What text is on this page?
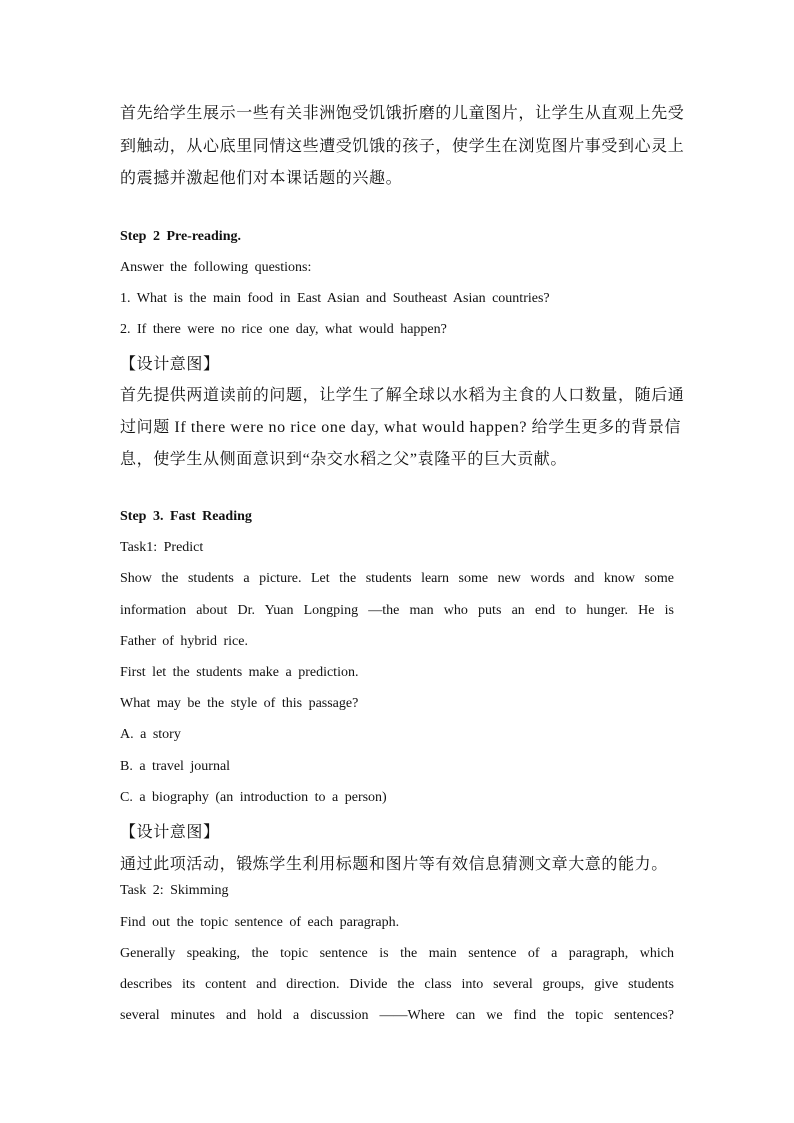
首先给学生展示一些有关非洲饱受饥饿折磨的儿童图片，让学生从直观上先受
到触动，从心底里同情这些遭受饥饿的孩子，使学生在浏览图片事受到心灵上
的震撼并激起他们对本课话题的兴趣。
Step 2 Pre-reading.
Answer the following questions:
1. What is the main food in East Asian and Southeast Asian countries?
2. If there were no rice one day, what would happen?
【设计意图】
首先提供两道读前的问题，让学生了解全球以水稻为主食的人口数量，随后通
过问题 If there were no rice one day, what would happen? 给学生更多的背景信
息，使学生从侧面意识到“杂交水稻之父”袁隆平的巨大贡献。
Step 3. Fast Reading
Task1: Predict
Show the students a picture. Let the students learn some new words and know some
information about Dr. Yuan Longping —the man who puts an end to hunger. He is
Father of hybrid rice.
First let the students make a prediction.
What may be the style of this passage?
A. a story
B. a travel journal
C. a biography (an introduction to a person)
【设计意图】
通过此项活动，锻炼学生利用标题和图片等有效信息猜测文章大意的能力。
Task 2: Skimming
Find out the topic sentence of each paragraph.
Generally speaking, the topic sentence is the main sentence of a paragraph, which
describes its content and direction. Divide the class into several groups, give students
several minutes and hold a discussion ——Where can we find the topic sentences?
